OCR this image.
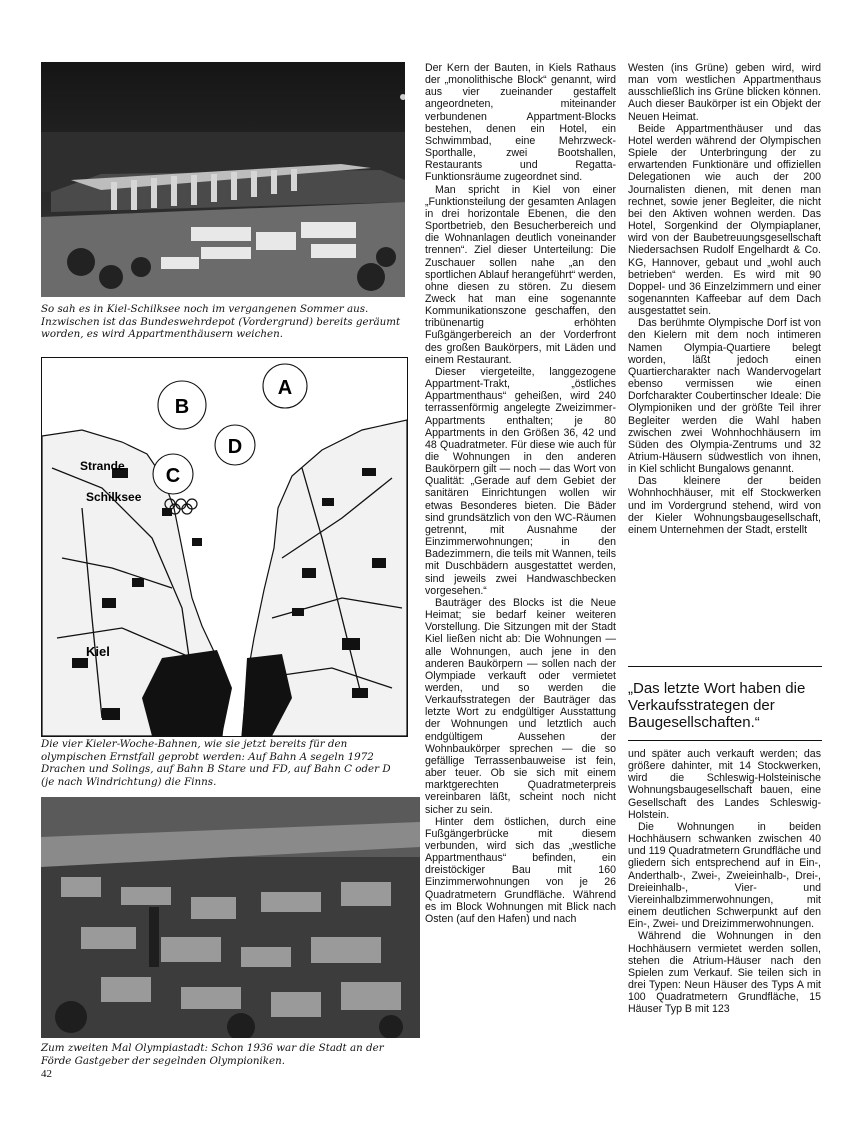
So sah es in Kiel-Schilksee noch im vergangenen Sommer aus. Inzwischen ist das Bundeswehrdepot (Vordergrund) bereits geräumt worden, es wird Appartmenthäusern weichen.
B
A
D
C
Strande
Schilksee
Kiel
Die vier Kieler-Woche-Bahnen, wie sie jetzt bereits für den olympischen Ernstfall geprobt werden: Auf Bahn A segeln 1972 Drachen und Solings, auf Bahn B Stare und FD, auf Bahn C oder D (je nach Windrichtung) die Finns.
Zum zweiten Mal Olympiastadt: Schon 1936 war die Stadt an der Förde Gastgeber der segelnden Olympioniken.
42

Der Kern der Bauten, in Kiels Rathaus der „monolithische Block“ genannt, wird aus vier zueinander gestaffelt angeordneten, miteinander verbundenen Appartment-Blocks bestehen, denen ein Hotel, ein Schwimmbad, eine Mehrzweck-Sporthalle, zwei Bootshallen, Restaurants und Regatta-Funktionsräume zugeordnet sind.

Man spricht in Kiel von einer „Funktionsteilung der gesamten Anlagen in drei horizontale Ebenen, die den Sportbetrieb, den Besucherbereich und die Wohnanlagen deutlich voneinander trennen“. Ziel dieser Unterteilung: Die Zuschauer sollen nahe „an den sportlichen Ablauf herangeführt“ werden, ohne diesen zu stören. Zu diesem Zweck hat man eine sogenannte Kommunikationszone geschaffen, den tribünenartig erhöhten Fußgängerbereich an der Vorderfront des großen Baukörpers, mit Läden und einem Restaurant.

Dieser viergeteilte, langgezogene Appartment-Trakt, „östliches Appartmenthaus“ geheißen, wird 240 terrassenförmig angelegte Zweizimmer-Appartments enthalten; je 80 Appartments in den Größen 36, 42 und 48 Quadratmeter. Für diese wie auch für die Wohnungen in den anderen Baukörpern gilt — noch — das Wort von Qualität: „Gerade auf dem Gebiet der sanitären Einrichtungen wollen wir etwas Besonderes bieten. Die Bäder sind grundsätzlich von den WC-Räumen getrennt, mit Ausnahme der Einzimmerwohnungen; in den Badezimmern, die teils mit Wannen, teils mit Duschbädern ausgestattet werden, sind jeweils zwei Handwaschbecken vorgesehen.“

Bauträger des Blocks ist die Neue Heimat; sie bedarf keiner weiteren Vorstellung. Die Sitzungen mit der Stadt Kiel ließen nicht ab: Die Wohnungen — alle Wohnungen, auch jene in den anderen Baukörpern — sollen nach der Olympiade verkauft oder vermietet werden, und so werden die Verkaufsstrategen der Bauträger das letzte Wort zu endgültiger Ausstattung der Wohnungen und letztlich auch endgültigem Aussehen der Wohnbaukörper sprechen — die so gefällige Terrassenbauweise ist fein, aber teuer. Ob sie sich mit einem marktgerechten Quadratmeterpreis vereinbaren läßt, scheint noch nicht sicher zu sein.

Hinter dem östlichen, durch eine Fußgängerbrücke mit diesem verbunden, wird sich das „westliche Appartmenthaus“ befinden, ein dreistöckiger Bau mit 160 Einzimmerwohnungen von je 26 Quadratmetern Grundfläche. Während es im Block Wohnungen mit Blick nach Osten (auf den Hafen) und nach

Westen (ins Grüne) geben wird, wird man vom westlichen Appartmenthaus ausschließlich ins Grüne blicken können. Auch dieser Baukörper ist ein Objekt der Neuen Heimat.

Beide Appartmenthäuser und das Hotel werden während der Olympischen Spiele der Unterbringung der zu erwartenden Funktionäre und offiziellen Delegationen wie auch der 200 Journalisten dienen, mit denen man rechnet, sowie jener Begleiter, die nicht bei den Aktiven wohnen werden. Das Hotel, Sorgenkind der Olympiaplaner, wird von der Baubetreuungsgesellschaft Niedersachsen Rudolf Engelhardt & Co. KG, Hannover, gebaut und „wohl auch betrieben“ werden. Es wird mit 90 Doppel- und 36 Einzelzimmern und einer sogenannten Kaffeebar auf dem Dach ausgestattet sein.

Das berühmte Olympische Dorf ist von den Kielern mit dem noch intimeren Namen Olympia-Quartiere belegt worden, läßt jedoch einen Quartiercharakter nach Wandervogelart ebenso vermissen wie einen Dorfcharakter Coubertinscher Ideale: Die Olympioniken und der größte Teil ihrer Begleiter werden die Wahl haben zwischen zwei Wohnhochhäusern im Süden des Olympia-Zentrums und 32 Atrium-Häusern südwestlich von ihnen, in Kiel schlicht Bungalows genannt.

Das kleinere der beiden Wohnhochhäuser, mit elf Stockwerken und im Vordergrund stehend, wird von der Kieler Wohnungsbaugesellschaft, einem Unternehmen der Stadt, erstellt

„Das letzte Wort haben die Verkaufsstrategen der Baugesellschaften.“

und später auch verkauft werden; das größere dahinter, mit 14 Stockwerken, wird die Schleswig-Holsteinische Wohnungsbaugesellschaft bauen, eine Gesellschaft des Landes Schleswig-Holstein.

Die Wohnungen in beiden Hochhäusern schwanken zwischen 40 und 119 Quadratmetern Grundfläche und gliedern sich entsprechend auf in Ein-, Anderthalb-, Zwei-, Zweieinhalb-, Drei-, Dreieinhalb-, Vier- und Viereinhalbzimmerwohnungen, mit einem deutlichen Schwerpunkt auf den Ein-, Zwei- und Dreizimmerwohnungen.

Während die Wohnungen in den Hochhäusern vermietet werden sollen, stehen die Atrium-Häuser nach den Spielen zum Verkauf. Sie teilen sich in drei Typen: Neun Häuser des Typs A mit 100 Quadratmetern Grundfläche, 15 Häuser Typ B mit 123
